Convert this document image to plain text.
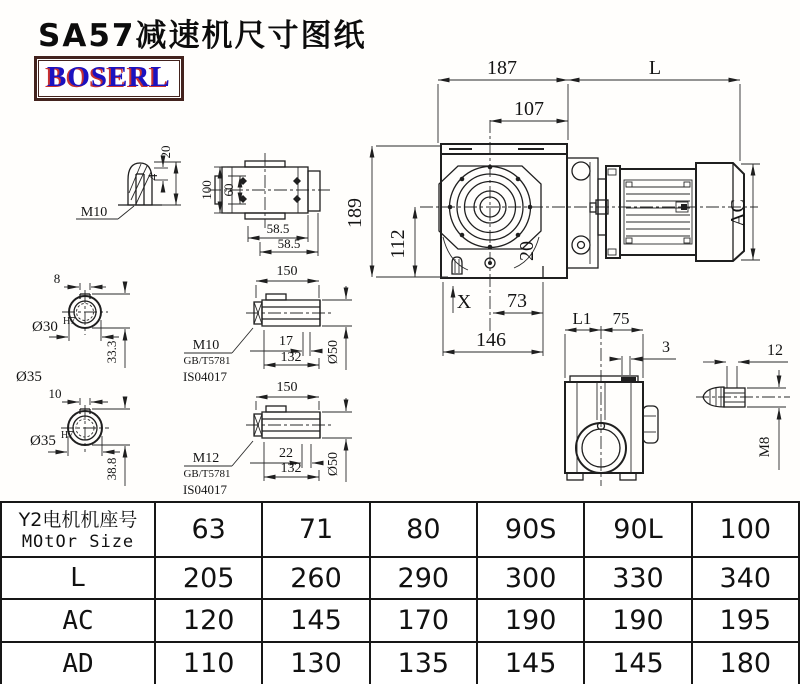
SA57减速机尺寸图纸
BOSERL	187	L
107
189
112	20
X 73
146
AC
M10
4
20
100 60
58.5
58.5
8
Ø30 H7
33.3
Ø35
10
Ø35 H7
38.8
150
17
132 Ø50
M10
GB/T5781
IS04017
150
22
132 Ø50
M12
GB/T5781
IS04017
L1 75
3	12
M8
Y2电机机座号
MOtOr Size	63	71	80	90S	90L	100
L	205	260	290	300	330	340
AC	120	145	170	190	190	195
AD	110	130	135	145	145	180
